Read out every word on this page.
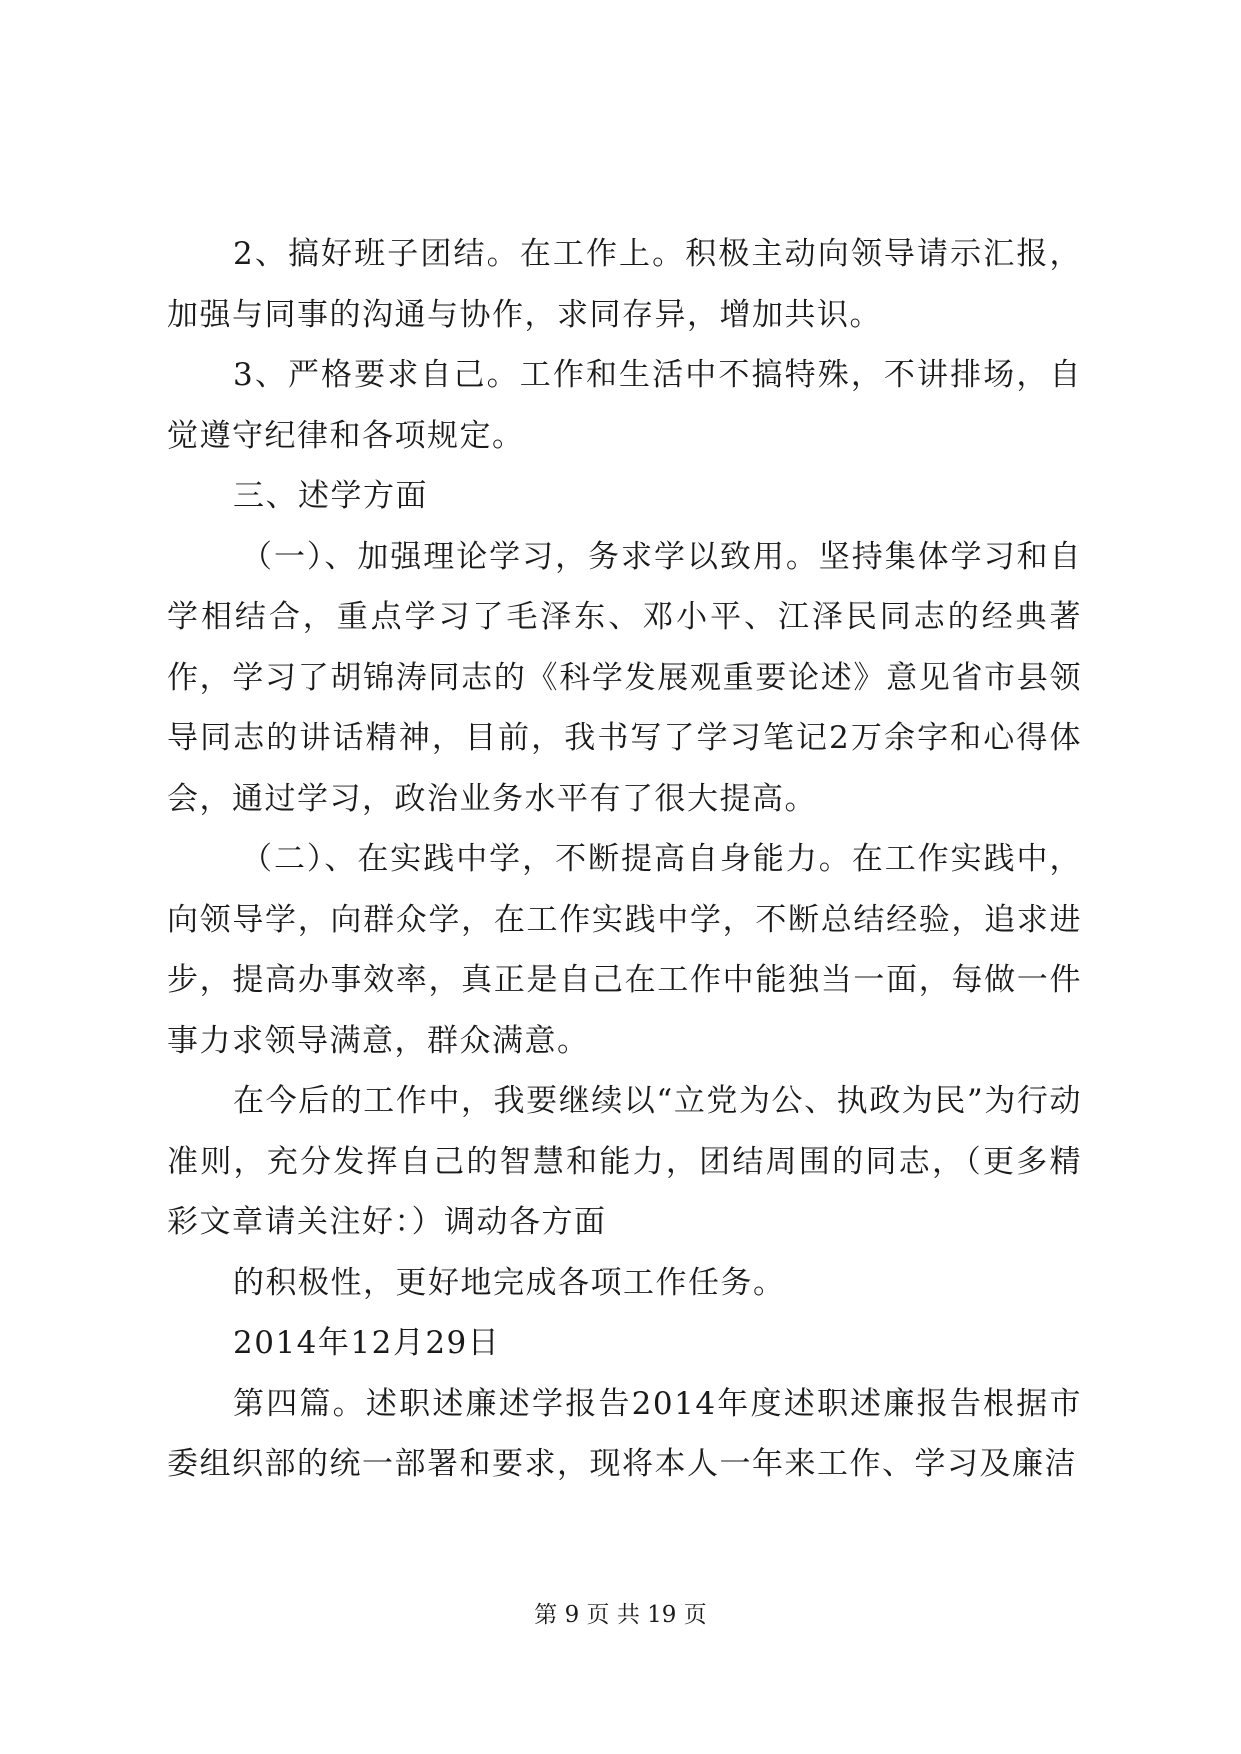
2、搞好班子团结。在工作上。积极主动向领导请示汇报，加强与同事的沟通与协作，求同存异，增加共识。

3、严格要求自己。工作和生活中不搞特殊，不讲排场，自觉遵守纪律和各项规定。

三、述学方面

（一）、加强理论学习，务求学以致用。坚持集体学习和自学相结合，重点学习了毛泽东、邓小平、江泽民同志的经典著作，学习了胡锦涛同志的《科学发展观重要论述》意见省市县领导同志的讲话精神，目前，我书写了学习笔记2万余字和心得体会，通过学习，政治业务水平有了很大提高。

（二）、在实践中学，不断提高自身能力。在工作实践中，向领导学，向群众学，在工作实践中学，不断总结经验，追求进步，提高办事效率，真正是自己在工作中能独当一面，每做一件事力求领导满意，群众满意。

在今后的工作中，我要继续以“立党为公、执政为民”为行动准则，充分发挥自己的智慧和能力，团结周围的同志，（更多精彩文章请关注好：）调动各方面

的积极性，更好地完成各项工作任务。

2014年12月29日

第四篇。述职述廉述学报告2014年度述职述廉报告根据市委组织部的统一部署和要求，现将本人一年来工作、学习及廉洁

第 9 页 共 19 页
